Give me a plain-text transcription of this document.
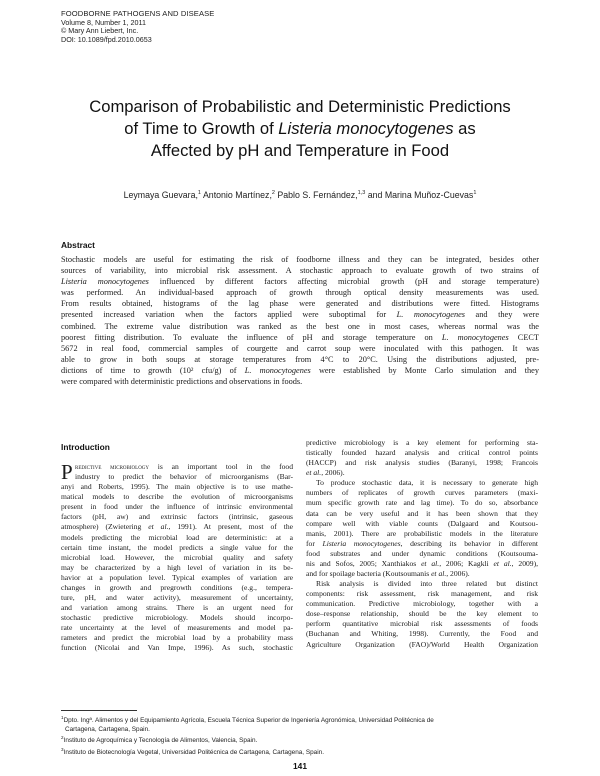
FOODBORNE PATHOGENS AND DISEASE
Volume 8, Number 1, 2011
© Mary Ann Liebert, Inc.
DOI: 10.1089/fpd.2010.0653
Comparison of Probabilistic and Deterministic Predictions
of Time to Growth of Listeria monocytogenes as
Affected by pH and Temperature in Food
Leymaya Guevara,$^1$ Antonio Martínez,$^2$ Pablo S. Fernández,$^{1,3}$ and Marina Muñoz-Cuevas$^1$
Abstract
Stochastic models are useful for estimating the risk of foodborne illness and they can be integrated, besides other
sources of variability, into microbial risk assessment. A stochastic approach to evaluate growth of two strains of
Listeria monocytogenes influenced by different factors affecting microbial growth (pH and storage temperature)
was performed. An individual-based approach of growth through optical density measurements was used.
From results obtained, histograms of the lag phase were generated and distributions were fitted. Histograms
presented increased variation when the factors applied were suboptimal for L. monocytogenes and they were
combined. The extreme value distribution was ranked as the best one in most cases, whereas normal was the
poorest fitting distribution. To evaluate the influence of pH and storage temperature on L. monocytogenes CECT
5672 in real food, commercial samples of courgette and carrot soup were inoculated with this pathogen. It was
able to grow in both soups at storage temperatures from 4°C to 20°C. Using the distributions adjusted, pre-
dictions of time to growth (10² cfu/g) of L. monocytogenes were established by Monte Carlo simulation and they
were compared with deterministic predictions and observations in foods.
Introduction
P redictive microbiology is an important tool in the food
industry to predict the behavior of microorganisms (Bar-
anyi and Roberts, 1995). The main objective is to use mathe-
matical models to describe the evolution of microorganisms
present in food under the influence of intrinsic environmental
factors (pH, aw) and extrinsic factors (intrinsic, gaseous
atmosphere) (Zwietering et al., 1991). At present, most of the
models predicting the microbial load are deterministic: at a
certain time instant, the model predicts a single value for the
microbial load. However, the microbial quality and safety
may be characterized by a high level of variation in its be-
havior at a population level. Typical examples of variation are
changes in growth and pregrowth conditions (e.g., tempera-
ture, pH, and water activity), measurement of uncertainty,
and variation among strains. There is an urgent need for
stochastic predictive microbiology. Models should incorpo-
rate uncertainty at the level of measurements and model pa-
rameters and predict the microbial load by a probability mass
function (Nicolai and Van Impe, 1996). As such, stochastic
predictive microbiology is a key element for performing sta-
tistically founded hazard analysis and critical control points
(HACCP) and risk analysis studies (Baranyi, 1998; Francois
et al., 2006).
To produce stochastic data, it is necessary to generate high
numbers of replicates of growth curves parameters (maxi-
mum specific growth rate and lag time). To do so, absorbance
data can be very useful and it has been shown that they
compare well with viable counts (Dalgaard and Koutsou-
manis, 2001). There are probabilistic models in the literature
for Listeria monocytogenes, describing its behavior in different
food substrates and under dynamic conditions (Koutsouma-
nis and Sofos, 2005; Xanthiakos et al., 2006; Kagkli et al., 2009),
and for spoilage bacteria (Koutsoumanis et al., 2006).
Risk analysis is divided into three related but distinct
components: risk assessment, risk management, and risk
communication. Predictive microbiology, together with a
dose–response relationship, should be the key element to
perform quantitative microbial risk assessments of foods
(Buchanan and Whiting, 1998). Currently, the Food and
Agriculture Organization (FAO)/World Health Organization
$^1$Dpto. Ingª. Alimentos y del Equipamiento Agrícola, Escuela Técnica Superior de Ingeniería Agronómica, Universidad Politécnica de
Cartagena, Cartagena, Spain.
$^2$Instituto de Agroquímica y Tecnología de Alimentos, Valencia, Spain.
$^3$Instituto de Biotecnología Vegetal, Universidad Politécnica de Cartagena, Cartagena, Spain.
141
